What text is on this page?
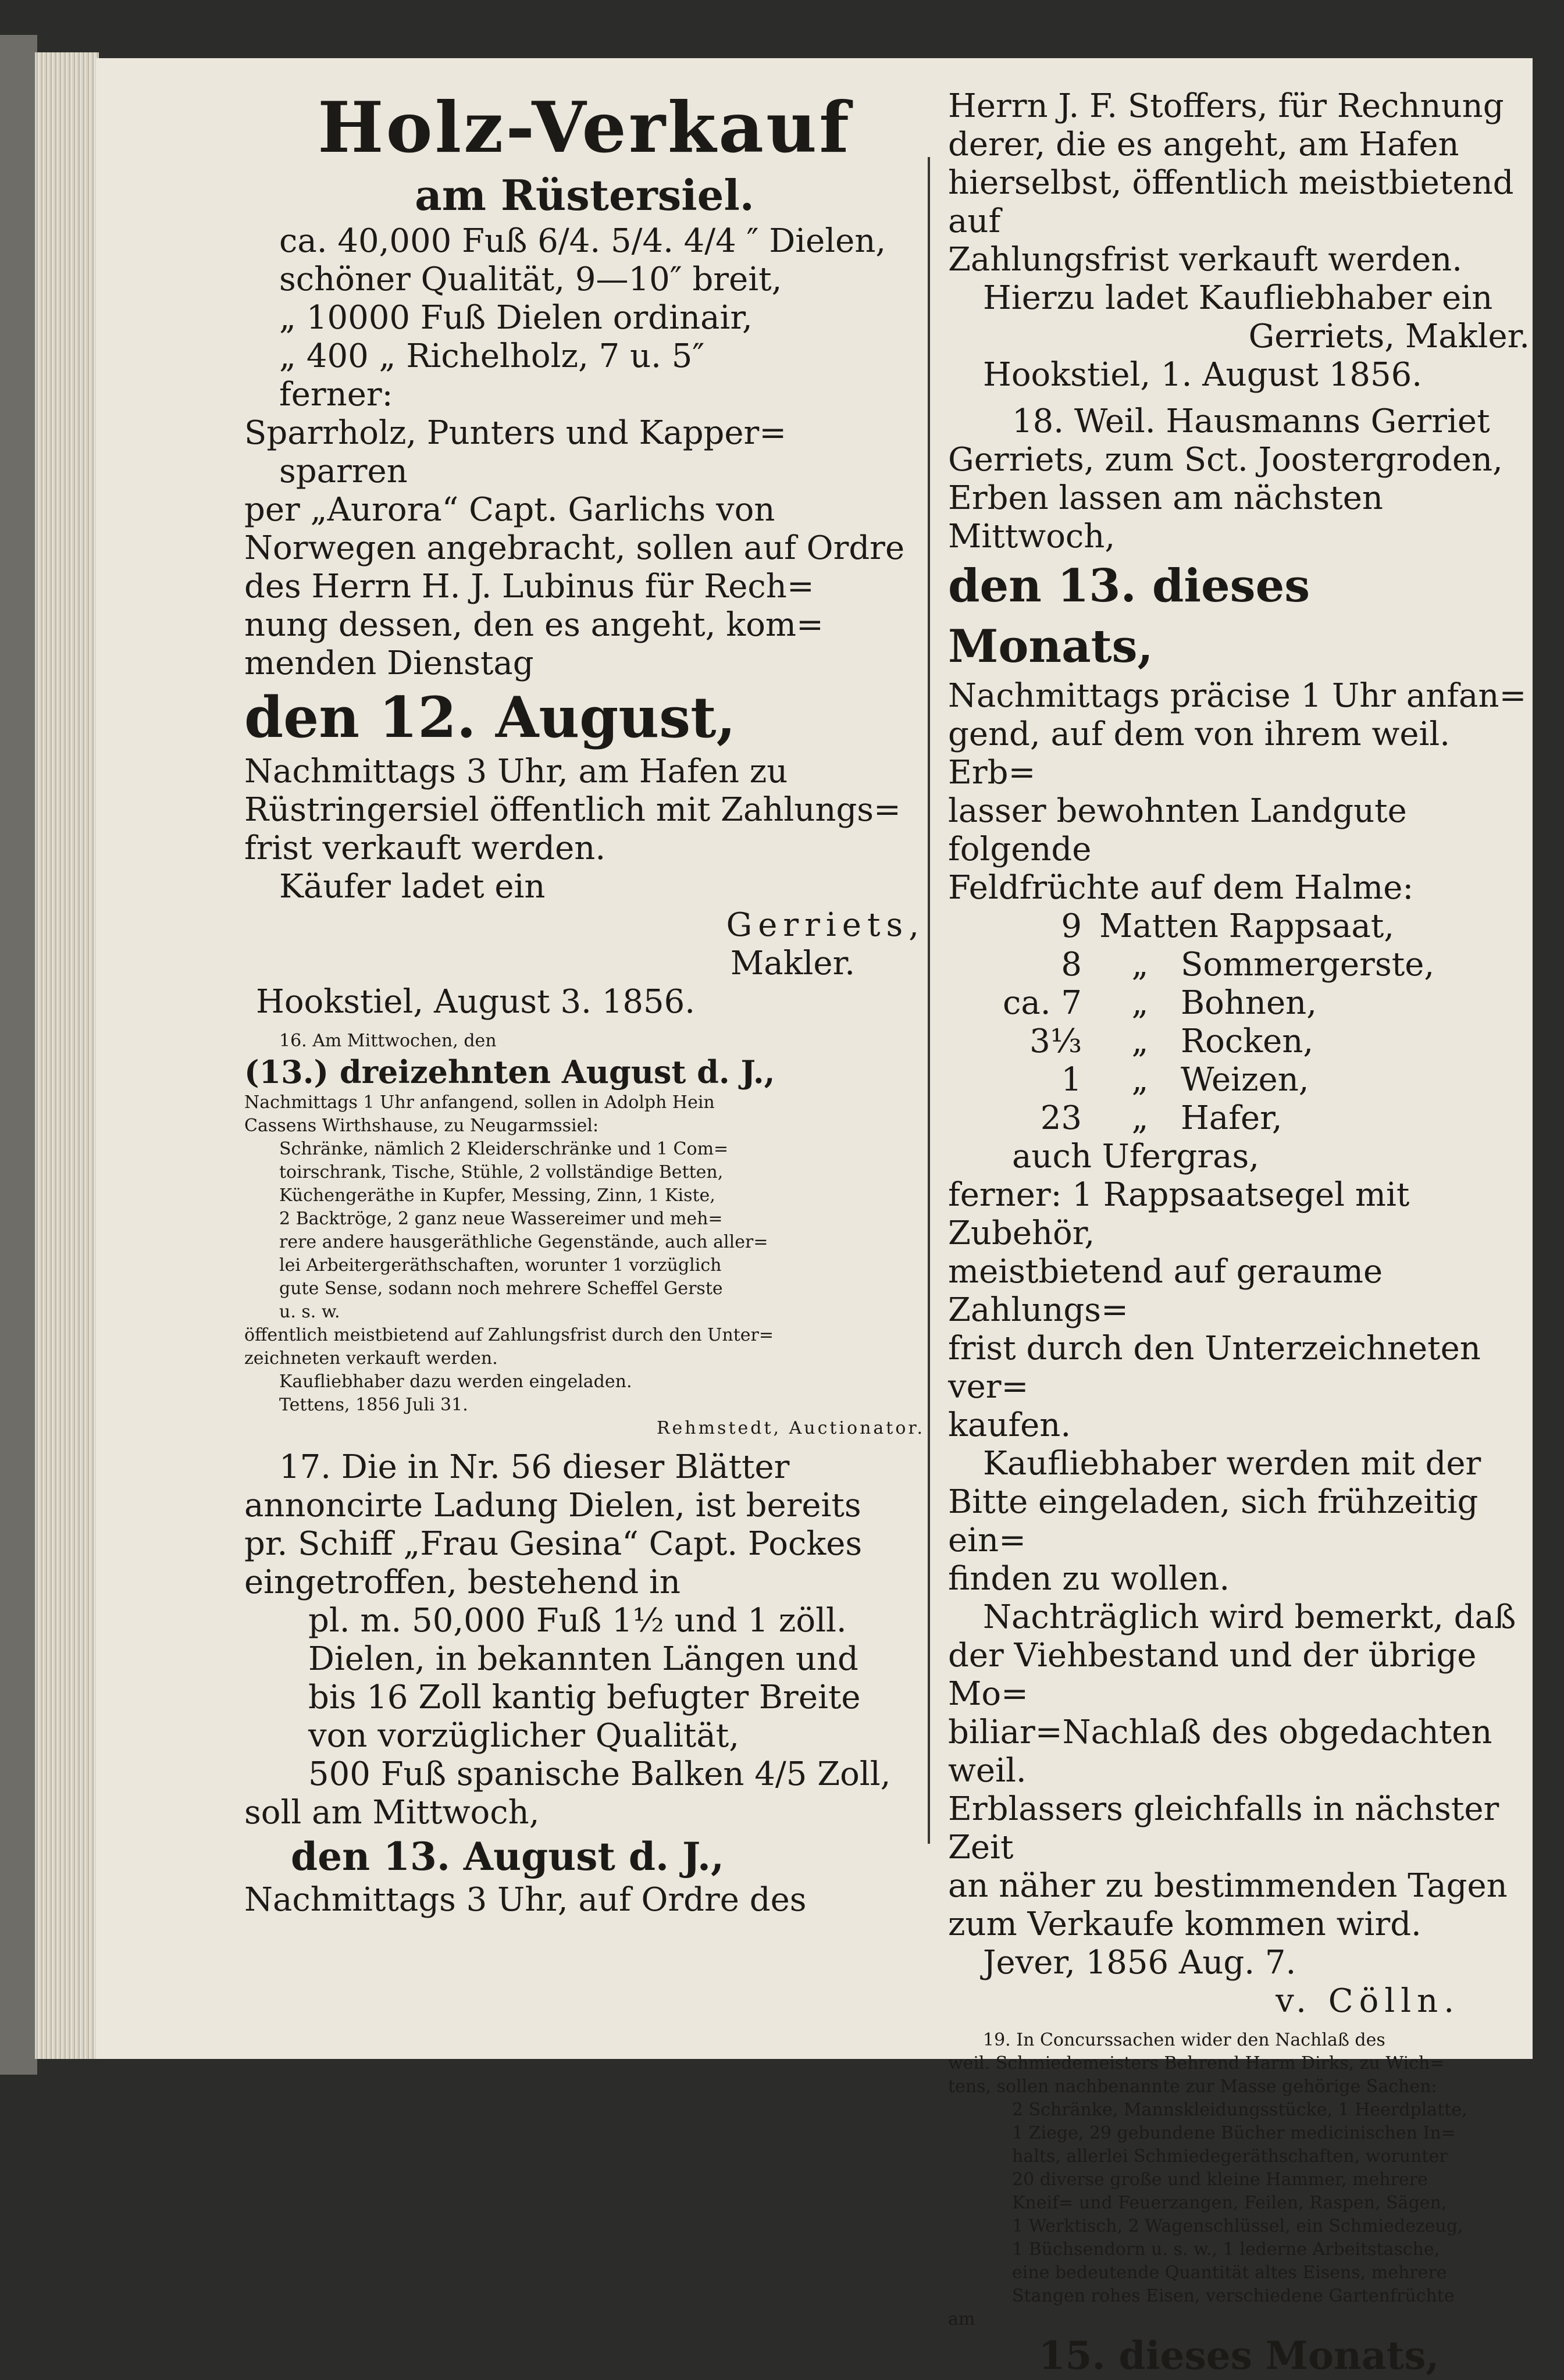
Holz-Verkauf

am Rüstersiel.

ca. 40,000 Fuß 6/4. 5/4. 4/4 ″ Dielen,

schöner Qualität, 9—10″ breit,

„ 10000 Fuß Dielen ordinair,

„ 400 „ Richelholz, 7 u. 5″

ferner:

Sparrholz, Punters und Kapper=

sparren

per „Aurora“ Capt. Garlichs von

Norwegen angebracht, sollen auf Ordre

des Herrn H. J. Lubinus für Rech=

nung dessen, den es angeht, kom=

menden Dienstag

den 12. August,

Nachmittags 3 Uhr, am Hafen zu

Rüstringersiel öffentlich mit Zahlungs=

frist verkauft werden.

Käufer ladet ein

Gerriets,

Makler.

Hookstiel, August 3. 1856.

16. Am Mittwochen, den

(13.) dreizehnten August d. J.,

Nachmittags 1 Uhr anfangend, sollen in Adolph Hein

Cassens Wirthshause, zu Neugarmssiel:

Schränke, nämlich 2 Kleiderschränke und 1 Com=

toirschrank, Tische, Stühle, 2 vollständige Betten,

Küchengeräthe in Kupfer, Messing, Zinn, 1 Kiste,

2 Backtröge, 2 ganz neue Wassereimer und meh=

rere andere hausgeräthliche Gegenstände, auch aller=

lei Arbeitergeräthschaften, worunter 1 vorzüglich

gute Sense, sodann noch mehrere Scheffel Gerste

u. s. w.

öffentlich meistbietend auf Zahlungsfrist durch den Unter=

zeichneten verkauft werden.

Kaufliebhaber dazu werden eingeladen.

Tettens, 1856 Juli 31.

Rehmstedt, Auctionator.

17. Die in Nr. 56 dieser Blätter

annoncirte Ladung Dielen, ist bereits

pr. Schiff „Frau Gesina“ Capt. Pockes

eingetroffen, bestehend in

pl. m. 50,000 Fuß 1½ und 1 zöll.

Dielen, in bekannten Längen und

bis 16 Zoll kantig befugter Breite

von vorzüglicher Qualität,

500 Fuß spanische Balken 4/5 Zoll,

soll am Mittwoch,

den 13. August d. J.,

Nachmittags 3 Uhr, auf Ordre des

Herrn J. F. Stoffers, für Rechnung

derer, die es angeht, am Hafen

hierselbst, öffentlich meistbietend auf

Zahlungsfrist verkauft werden.

Hierzu ladet Kaufliebhaber ein

Gerriets, Makler.

Hookstiel, 1. August 1856.

18. Weil. Hausmanns Gerriet

Gerriets, zum Sct. Joostergroden,

Erben lassen am nächsten Mittwoch,

den 13. dieses Monats,

Nachmittags präcise 1 Uhr anfan=

gend, auf dem von ihrem weil. Erb=

lasser bewohnten Landgute folgende

Feldfrüchte auf dem Halme:

9 Matten Rappsaat,
8	„ Sommergerste,
ca. 7	„ Bohnen,
3⅓	„ Rocken,
1	„ Weizen,
23	„ Hafer,

auch Ufergras,

ferner: 1 Rappsaatsegel mit Zubehör,

meistbietend auf geraume Zahlungs=

frist durch den Unterzeichneten ver=

kaufen.

Kaufliebhaber werden mit der

Bitte eingeladen, sich frühzeitig ein=

finden zu wollen.

Nachträglich wird bemerkt, daß

der Viehbestand und der übrige Mo=

biliar=Nachlaß des obgedachten weil.

Erblassers gleichfalls in nächster Zeit

an näher zu bestimmenden Tagen

zum Verkaufe kommen wird.

Jever, 1856 Aug. 7.

v. Cölln.

19. In Concurssachen wider den Nachlaß des

weil. Schmiedemeisters Behrend Harm Dirks, zu Wich=

tens, sollen nachbenannte zur Masse gehörige Sachen:

2 Schränke, Mannskleidungsstücke, 1 Heerdplatte,

1 Ziege, 29 gebundene Bücher medicinischen In=

halts, allerlei Schmiedegeräthschaften, worunter

20 diverse große und kleine Hammer, mehrere

Kneif= und Feuerzangen, Feilen, Raspen, Sägen,

1 Werktisch, 2 Wagenschlüssel, ein Schmiedezeug,

1 Büchsendorn u. s. w., 1 lederne Arbeitstasche,

eine bedeutende Quantität altes Eisens, mehrere

Stangen rohes Eisen, verschiedene Gartenfrüchte

am

15. dieses Monats,
